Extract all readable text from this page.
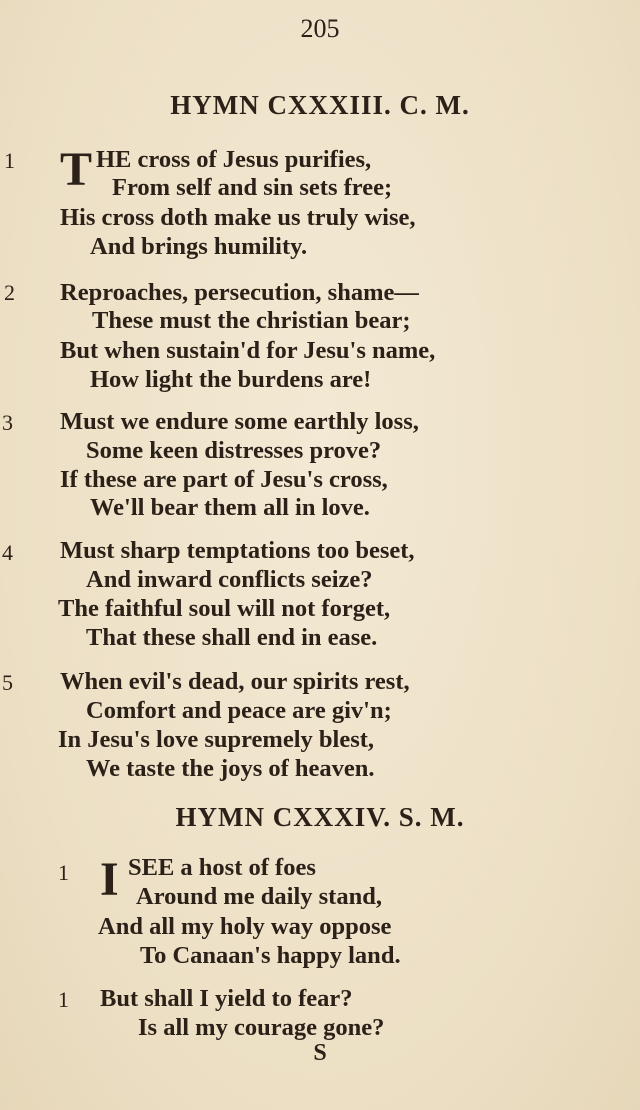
205
HYMN CXXXIII. C. M.
1 T HE cross of Jesus purifies,
From self and sin sets free;
His cross doth make us truly wise,
And brings humility.
2 Reproaches, persecution, shame—
These must the christian bear;
But when sustain'd for Jesu's name,
How light the burdens are!
3 Must we endure some earthly loss,
Some keen distresses prove?
If these are part of Jesu's cross,
We'll bear them all in love.
4 Must sharp temptations too beset,
And inward conflicts seize?
The faithful soul will not forget,
That these shall end in ease.
5 When evil's dead, our spirits rest,
Comfort and peace are giv'n;
In Jesu's love supremely blest,
We taste the joys of heaven.
HYMN CXXXIV. S. M.
1 I SEE a host of foes
Around me daily stand,
And all my holy way oppose
To Canaan's happy land.
1 But shall I yield to fear?
Is all my courage gone?
S
